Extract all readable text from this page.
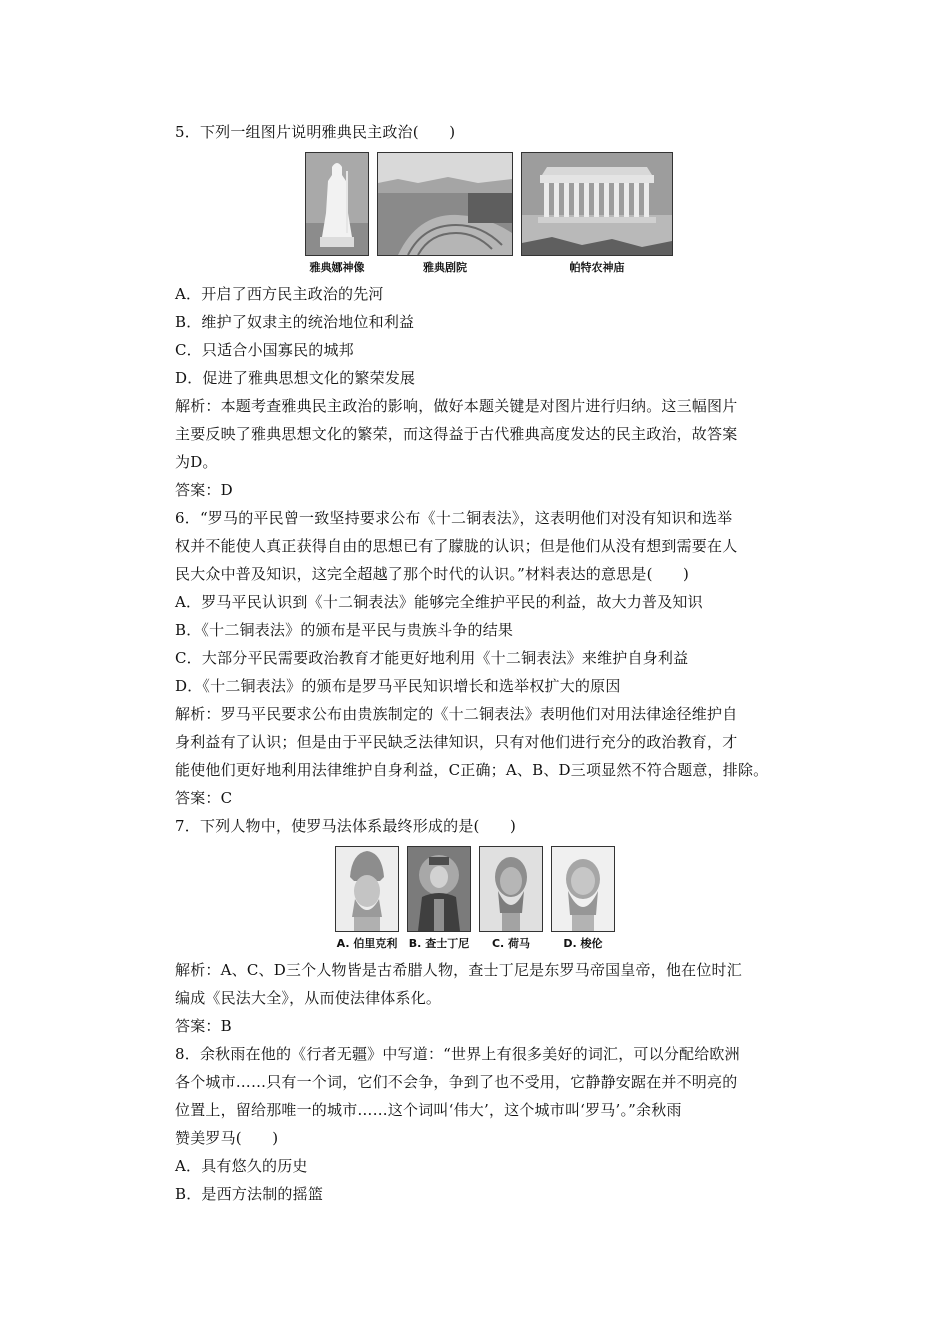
5．下列一组图片说明雅典民主政治(　　)
雅典娜神像	雅典剧院	帕特农神庙
A．开启了西方民主政治的先河
B．维护了奴隶主的统治地位和利益
C．只适合小国寡民的城邦
D．促进了雅典思想文化的繁荣发展
解析：本题考查雅典民主政治的影响，做好本题关键是对图片进行归纳。这三幅图片
主要反映了雅典思想文化的繁荣，而这得益于古代雅典高度发达的民主政治，故答案
为D。
答案：D
6．“罗马的平民曾一致坚持要求公布《十二铜表法》，这表明他们对没有知识和选举
权并不能使人真正获得自由的思想已有了朦胧的认识；但是他们从没有想到需要在人
民大众中普及知识，这完全超越了那个时代的认识。”材料表达的意思是(　　)
A．罗马平民认识到《十二铜表法》能够完全维护平民的利益，故大力普及知识
B．《十二铜表法》的颁布是平民与贵族斗争的结果
C．大部分平民需要政治教育才能更好地利用《十二铜表法》来维护自身利益
D．《十二铜表法》的颁布是罗马平民知识增长和选举权扩大的原因
解析：罗马平民要求公布由贵族制定的《十二铜表法》表明他们对用法律途径维护自
身利益有了认识；但是由于平民缺乏法律知识，只有对他们进行充分的政治教育，才
能使他们更好地利用法律维护自身利益，C正确；A、B、D三项显然不符合题意，排除。
答案：C
7．下列人物中，使罗马法体系最终形成的是(　　)
A. 伯里克利 B. 查士丁尼 C. 荷马	D. 梭伦
解析：A、C、D三个人物皆是古希腊人物，查士丁尼是东罗马帝国皇帝，他在位时汇
编成《民法大全》，从而使法律体系化。
答案：B
8．余秋雨在他的《行者无疆》中写道：“世界上有很多美好的词汇，可以分配给欧洲
各个城市……只有一个词，它们不会争，争到了也不受用，它静静安踞在并不明亮的
位置上，留给那唯一的城市……这个词叫‘伟大’，这个城市叫‘罗马’。”余秋雨
赞美罗马(　　)
A．具有悠久的历史
B．是西方法制的摇篮
